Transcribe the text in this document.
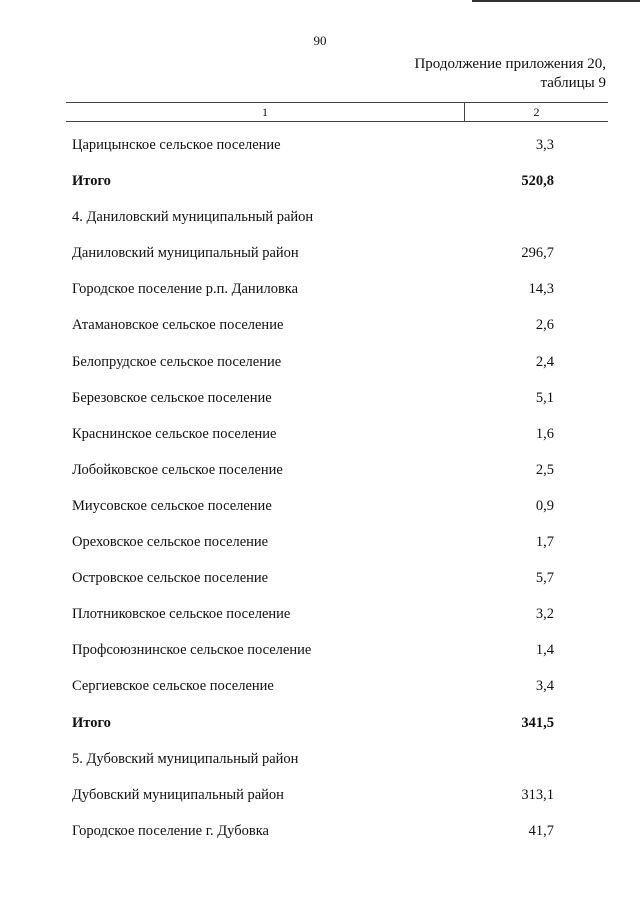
90
Продолжение приложения 20,
таблицы 9
1	2
Царицынское сельское поселение	3,3
Итого	520,8
4. Даниловский муниципальный район
Даниловский муниципальный район	296,7
Городское поселение р.п. Даниловка	14,3
Атамановское сельское поселение	2,6
Белопрудское сельское поселение	2,4
Березовское сельское поселение	5,1
Краснинское сельское поселение	1,6
Лобойковское сельское поселение	2,5
Миусовское сельское поселение	0,9
Ореховское сельское поселение	1,7
Островское сельское поселение	5,7
Плотниковское сельское поселение	3,2
Профсоюзнинское сельское поселение	1,4
Сергиевское сельское поселение	3,4
Итого	341,5
5. Дубовский муниципальный район
Дубовский муниципальный район	313,1
Городское поселение г. Дубовка	41,7
